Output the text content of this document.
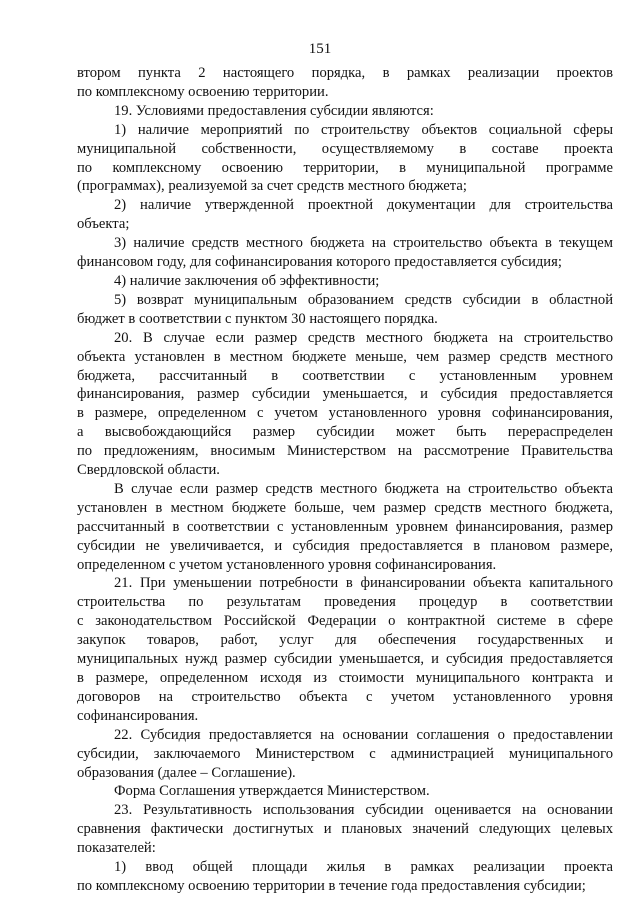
151
втором пункта 2 настоящего порядка, в рамках реализации проектов
по комплексному освоению территории.
19. Условиями предоставления субсидии являются:
1) наличие мероприятий по строительству объектов социальной сферы
муниципальной собственности, осуществляемому в составе проекта
по комплексному освоению территории, в муниципальной программе
(программах), реализуемой за счет средств местного бюджета;
2) наличие утвержденной проектной документации для строительства
объекта;
3) наличие средств местного бюджета на строительство объекта в текущем
финансовом году, для софинансирования которого предоставляется субсидия;
4) наличие заключения об эффективности;
5) возврат муниципальным образованием средств субсидии в областной
бюджет в соответствии с пунктом 30 настоящего порядка.
20. В случае если размер средств местного бюджета на строительство
объекта установлен в местном бюджете меньше, чем размер средств местного
бюджета, рассчитанный в соответствии с установленным уровнем
финансирования, размер субсидии уменьшается, и субсидия предоставляется
в размере, определенном с учетом установленного уровня софинансирования,
а высвобождающийся размер субсидии может быть перераспределен
по предложениям, вносимым Министерством на рассмотрение Правительства
Свердловской области.
В случае если размер средств местного бюджета на строительство объекта
установлен в местном бюджете больше, чем размер средств местного бюджета,
рассчитанный в соответствии с установленным уровнем финансирования, размер
субсидии не увеличивается, и субсидия предоставляется в плановом размере,
определенном с учетом установленного уровня софинансирования.
21. При уменьшении потребности в финансировании объекта капитального
строительства по результатам проведения процедур в соответствии
с законодательством Российской Федерации о контрактной системе в сфере
закупок товаров, работ, услуг для обеспечения государственных и
муниципальных нужд размер субсидии уменьшается, и субсидия предоставляется
в размере, определенном исходя из стоимости муниципального контракта и
договоров на строительство объекта с учетом установленного уровня
софинансирования.
22. Субсидия предоставляется на основании соглашения о предоставлении
субсидии, заключаемого Министерством с администрацией муниципального
образования (далее – Соглашение).
Форма Соглашения утверждается Министерством.
23. Результативность использования субсидии оценивается на основании
сравнения фактически достигнутых и плановых значений следующих целевых
показателей:
1) ввод общей площади жилья в рамках реализации проекта
по комплексному освоению территории в течение года предоставления субсидии;
